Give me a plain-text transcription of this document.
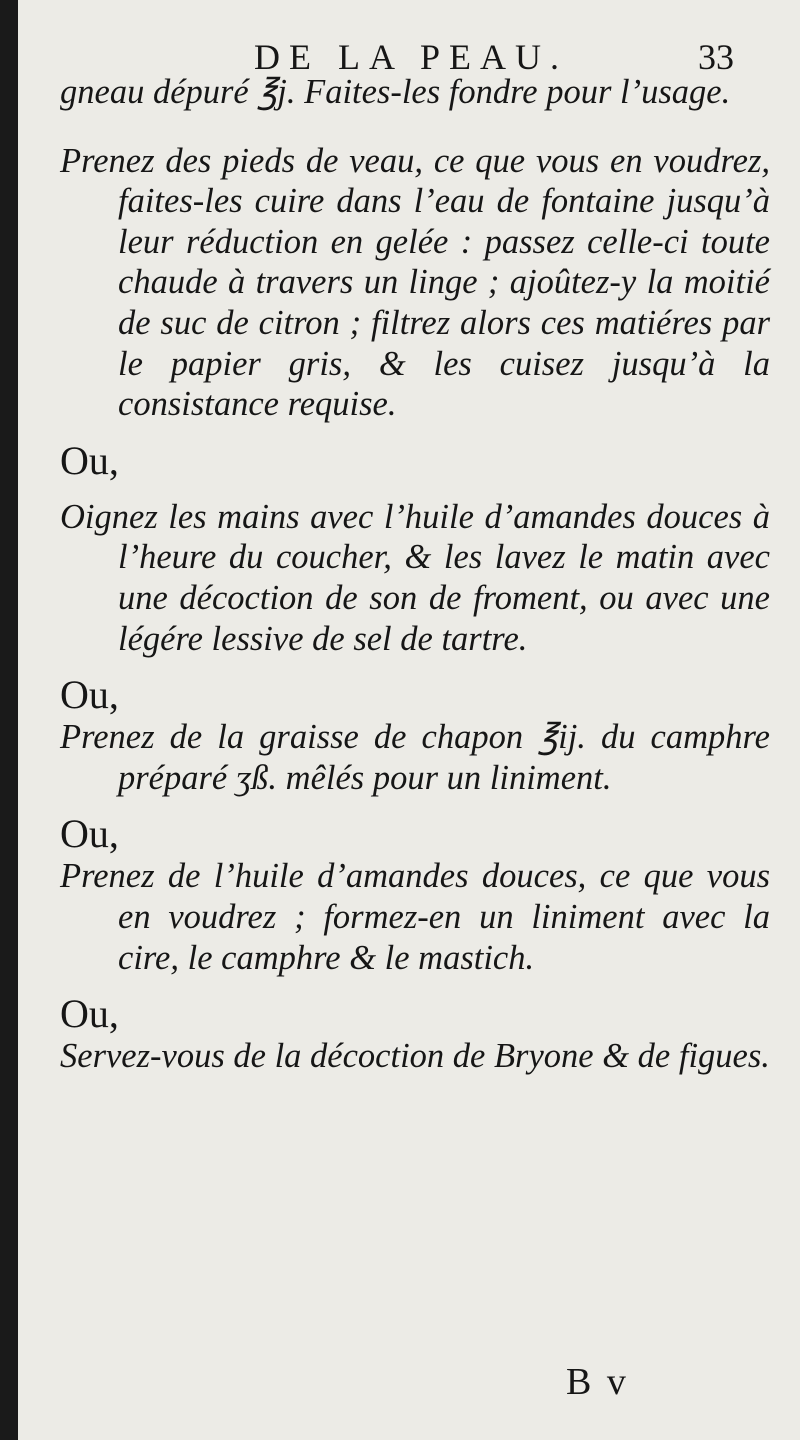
DE LA PEAU.	33

gneau dépuré ℥j. Faites-les fondre pour l’usage.

Prenez des pieds de veau, ce que vous en voudrez, faites-les cuire dans l’eau de fontaine jusqu’à leur réduction en gelée : passez celle-ci toute chaude à travers un linge ; ajoûtez-y la moitié de suc de citron ; filtrez alors ces matiéres par le papier gris, & les cuisez jusqu’à la consistance requise.

Ou,

Oignez les mains avec l’huile d’amandes douces à l’heure du coucher, & les lavez le matin avec une décoction de son de froment, ou avec une légére lessive de sel de tartre.

Ou,

Prenez de la graisse de chapon ℥ij. du camphre préparé ʒß. mêlés pour un liniment.

Ou,

Prenez de l’huile d’amandes douces, ce que vous en voudrez ; formez-en un liniment avec la cire, le camphre & le mastich.

Ou,

Servez-vous de la décoction de Bryone & de figues.

B v
